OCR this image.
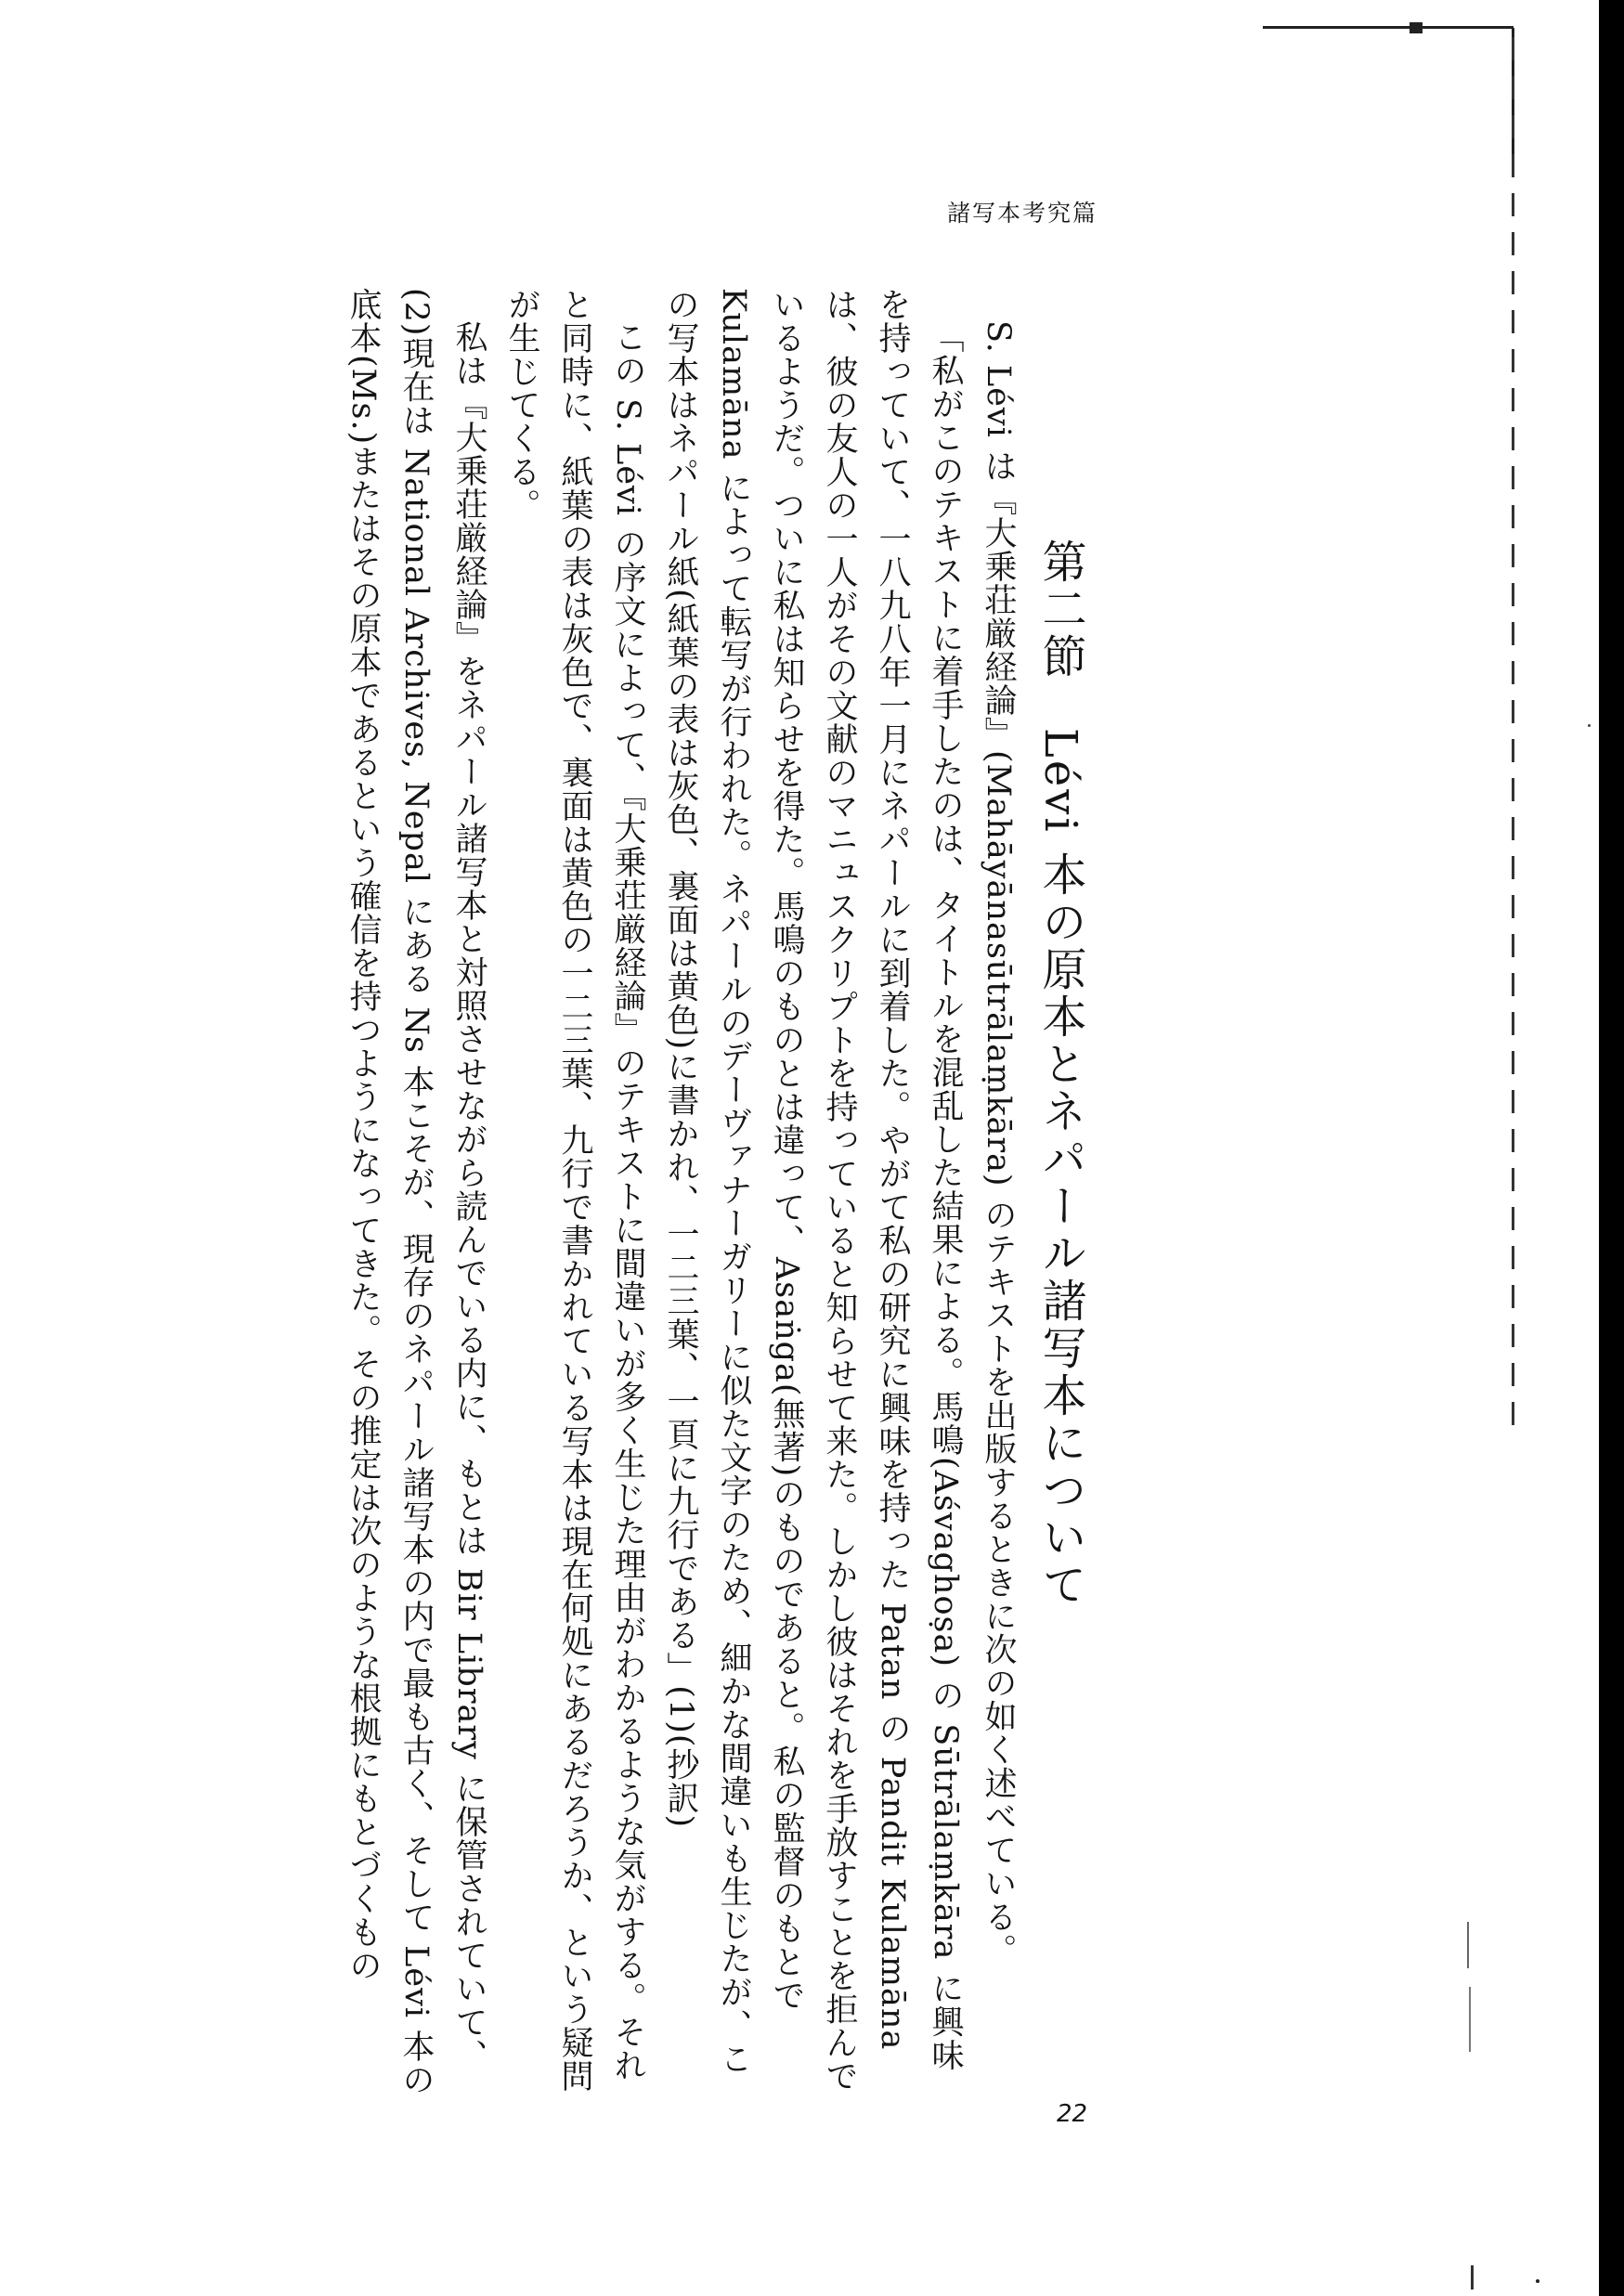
諸写本考究篇
第二節　Lévi 本の原本とネパール諸写本について

S. Lévi は『大乗荘厳経論』(Mahāyānasūtrālaṃkāra) のテキストを出版するときに次の如く述べている。

「私がこのテキストに着手したのは、タイトルを混乱した結果による。馬鳴(Aśvaghoṣa) の Sūtrālaṃkāra に興味を持っていて、一八九八年一月にネパールに到着した。やがて私の研究に興味を持った Patan の Pandit Kulamāna は、彼の友人の一人がその文献のマニュスクリプトを持っていると知らせて来た。しかし彼はそれを手放すことを拒んでいるようだ。ついに私は知らせを得た。馬鳴のものとは違って、Asaṅga(無著)のものであると。私の監督のもとで Kulamāna によって転写が行われた。ネパールのデーヴァナーガリーに似た文字のため、細かな間違いも生じたが、この写本はネパール紙(紙葉の表は灰色、裏面は黄色)に書かれ、一二三葉、一頁に九行である」(1)(抄訳)

この S. Lévi の序文によって、『大乗荘厳経論』のテキストに間違いが多く生じた理由がわかるような気がする。それと同時に、紙葉の表は灰色で、裏面は黄色の一二三葉、九行で書かれている写本は現在何処にあるだろうか、という疑問が生じてくる。

私は『大乗荘厳経論』をネパール諸写本と対照させながら読んでいる内に、もとは Bir Library に保管されていて、(2)現在は National Archives, Nepal にある Ns 本こそが、現存のネパール諸写本の内で最も古く、そして Lévi 本の底本(Ms.)またはその原本であるという確信を持つようになってきた。その推定は次のような根拠にもとづくもの

22
